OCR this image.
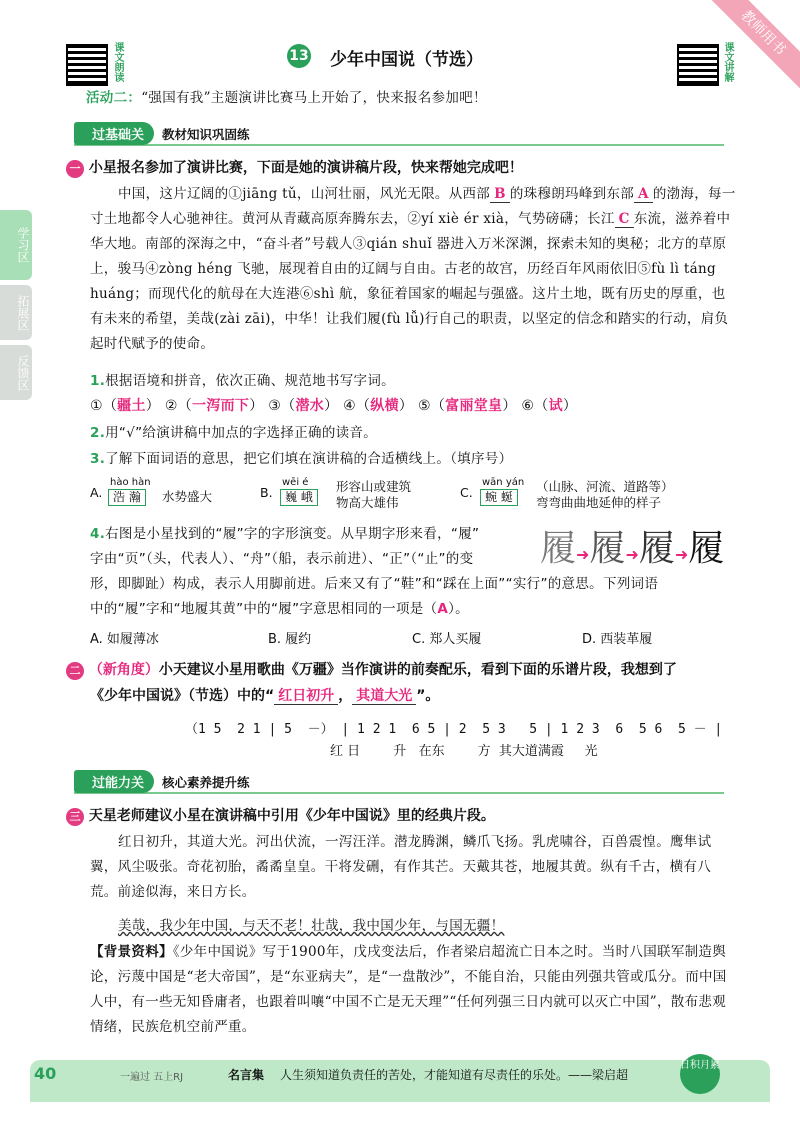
教师用书
课文朗读	13 少年中国说（节选）	课文讲解
活动二：“强国有我”主题演讲比赛马上开始了，快来报名参加吧！
过基础关 教材知识巩固练
学习区
拓展区
反馈区
一 小星报名参加了演讲比赛，下面是她的演讲稿片段，快来帮她完成吧！
中国，这片辽阔的①jiāng tǔ，山河壮丽，风光无限。从西部 B 的珠穆朗玛峰到东部 A 的渤海，每一寸土地都令人心驰神往。黄河从青藏高原奔腾东去，②yí xiè ér xià，气势磅礴；长江 C 东流，滋养着中华大地。南部的深海之中，“奋斗者”号载人③qián shuǐ 器进入万米深渊，探索未知的奥秘；北方的草原上，骏马④zòng héng 飞驰，展现着自由的辽阔与自由。古老的故宫，历经百年风雨依旧⑤fù lì táng huáng；而现代化的航母在大连港⑥shì 航，象征着国家的崛起与强盛。这片土地，既有历史的厚重，也有未来的希望，美哉(zài zāi)，中华！让我们履(fù lǚ)行自己的职责，以坚定的信念和踏实的行动，肩负起时代赋予的使命。
1.根据语境和拼音，依次正确、规范地书写字词。
①（疆土） ②（一泻而下） ③（潜水） ④（纵横） ⑤（富丽堂皇） ⑥（试）
2.用“√”给演讲稿中加点的字选择正确的读音。
3.了解下面词语的意思，把它们填在演讲稿的合适横线上。（填序号）
A.
hào hàn
浩 瀚	水势盛大	B.
wēi é
巍 峨
形容山或建筑
物高大雄伟
C.
wān yán
蜿 蜒
（山脉、河流、道路等）
弯弯曲曲地延伸的样子
4.右图是小星找到的“履”字的字形演变。从早期字形来看，“履”
字由“页”（头，代表人）、“舟”（船，表示前进）、“正”（“止”的变
形，即脚趾）构成，表示人用脚前进。后来又有了“鞋”和“踩在上面”“实行”的意思。下列词语
中的“履”字和“地履其黄”中的“履”字意思相同的一项是（A）。
履➜履➜履➜履
A. 如履薄冰	B. 履约	C. 郑人买履	D. 西装革履
二 （新角度）小天建议小星用歌曲《万疆》当作演讲的前奏配乐，看到下面的乐谱片段，我想到了
《少年中国说》（节选）中的“ 红日初升 ， 其道大光 ”。
（1 5  2 1 | 5  －） | 1 2 1  6 5 | 2  5 3   5 | 1 2 3  6  5 6  5 － |
红 日        升   在东        方  其大道满霞     光
过能力关 核心素养提升练
三 天星老师建议小星在演讲稿中引用《少年中国说》里的经典片段。
红日初升，其道大光。河出伏流，一泻汪洋。潜龙腾渊，鳞爪飞扬。乳虎啸谷，百兽震惶。鹰隼试翼，风尘吸张。奇花初胎，矞矞皇皇。干将发硎，有作其芒。天戴其苍，地履其黄。纵有千古，横有八荒。前途似海，来日方长。
美哉，我少年中国，与天不老！壮哉，我中国少年，与国无疆！
【背景资料】《少年中国说》写于1900年，戊戌变法后，作者梁启超流亡日本之时。当时八国联军制造舆论，污蔑中国是“老大帝国”，是“东亚病夫”，是“一盘散沙”，不能自治，只能由列强共管或瓜分。而中国人中，有一些无知昏庸者，也跟着叫嚷“中国不亡是无天理”“任何列强三日内就可以灭亡中国”，散布悲观情绪，民族危机空前严重。
40	一遍过 五上RJ	名言集 人生须知道负责任的苦处，才能知道有尽责任的乐处。——梁启超
日积月累
